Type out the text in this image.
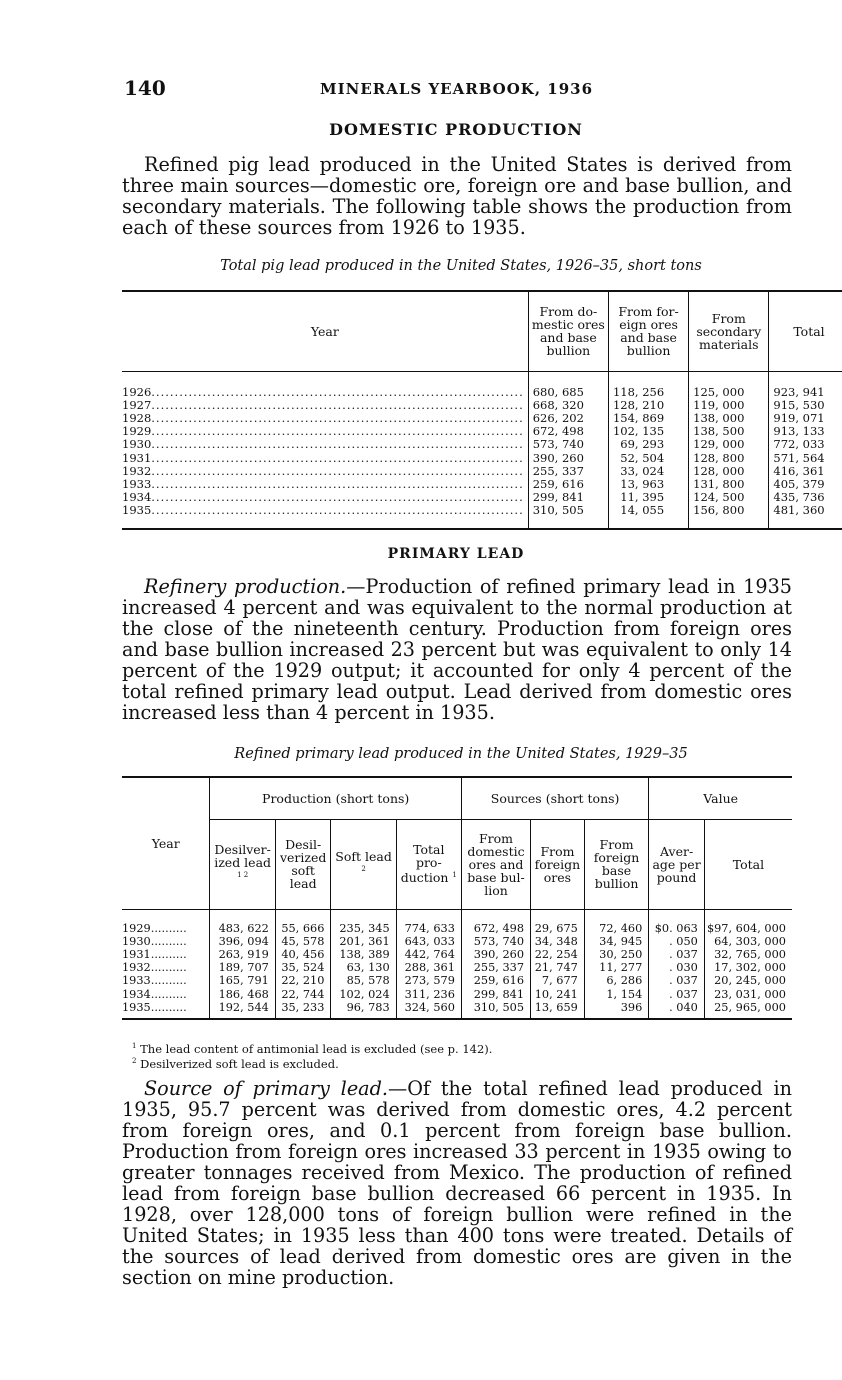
140	MINERALS YEARBOOK, 1936
DOMESTIC PRODUCTION

Refined pig lead produced in the United States is derived from three main sources—domestic ore, foreign ore and base bullion, and secondary materials. The following table shows the production from each of these sources from 1926 to 1935.

Total pig lead produced in the United States, 1926–35, short tons
Year	From do-mestic ores and base bullion	From for-eign ores and base bullion	From secondary materials	Total
1926................................................................................	680, 685	118, 256	125, 000	923, 941
1927................................................................................	668, 320	128, 210	119, 000	915, 530
1928................................................................................	626, 202	154, 869	138, 000	919, 071
1929................................................................................	672, 498	102, 135	138, 500	913, 133
1930................................................................................	573, 740	69, 293	129, 000	772, 033
1931................................................................................	390, 260	52, 504	128, 800	571, 564
1932................................................................................	255, 337	33, 024	128, 000	416, 361
1933................................................................................	259, 616	13, 963	131, 800	405, 379
1934................................................................................	299, 841	11, 395	124, 500	435, 736
1935................................................................................	310, 505	14, 055	156, 800	481, 360
PRIMARY LEAD

Refinery production.—Production of refined primary lead in 1935 increased 4 percent and was equivalent to the normal production at the close of the nineteenth century. Production from foreign ores and base bullion increased 23 percent but was equivalent to only 14 percent of the 1929 output; it accounted for only 4 percent of the total refined primary lead output. Lead derived from domestic ores increased less than 4 percent in 1935.

Refined primary lead produced in the United States, 1929–35
Year	Production (short tons)				Sources (short tons)			Value	
	Desilver-ized lead $^{1 2}$	Desil-verized soft lead	Soft lead $^2$	Total pro-duction $^1$	From domestic ores and base bul-lion	From foreign ores	From foreign base bullion	Aver-age per pound	Total
1929..........	483, 622	55, 666	235, 345	774, 633	672, 498	29, 675	72, 460	$0. 063	$97, 604, 000
1930..........	396, 094	45, 578	201, 361	643, 033	573, 740	34, 348	34, 945	. 050	64, 303, 000
1931..........	263, 919	40, 456	138, 389	442, 764	390, 260	22, 254	30, 250	. 037	32, 765, 000
1932..........	189, 707	35, 524	63, 130	288, 361	255, 337	21, 747	11, 277	. 030	17, 302, 000
1933..........	165, 791	22, 210	85, 578	273, 579	259, 616	7, 677	6, 286	. 037	20, 245, 000
1934..........	186, 468	22, 744	102, 024	311, 236	299, 841	10, 241	1, 154	. 037	23, 031, 000
1935..........	192, 544	35, 233	96, 783	324, 560	310, 505	13, 659	396	. 040	25, 965, 000
$^1$ The lead content of antimonial lead is excluded (see p. 142).
$^2$ Desilverized soft lead is excluded.

Source of primary lead.—Of the total refined lead produced in 1935, 95.7 percent was derived from domestic ores, 4.2 percent from foreign ores, and 0.1 percent from foreign base bullion. Production from foreign ores increased 33 percent in 1935 owing to greater tonnages received from Mexico. The production of refined lead from foreign base bullion decreased 66 percent in 1935. In 1928, over 128,000 tons of foreign bullion were refined in the United States; in 1935 less than 400 tons were treated. Details of the sources of lead derived from domestic ores are given in the section on mine production.
